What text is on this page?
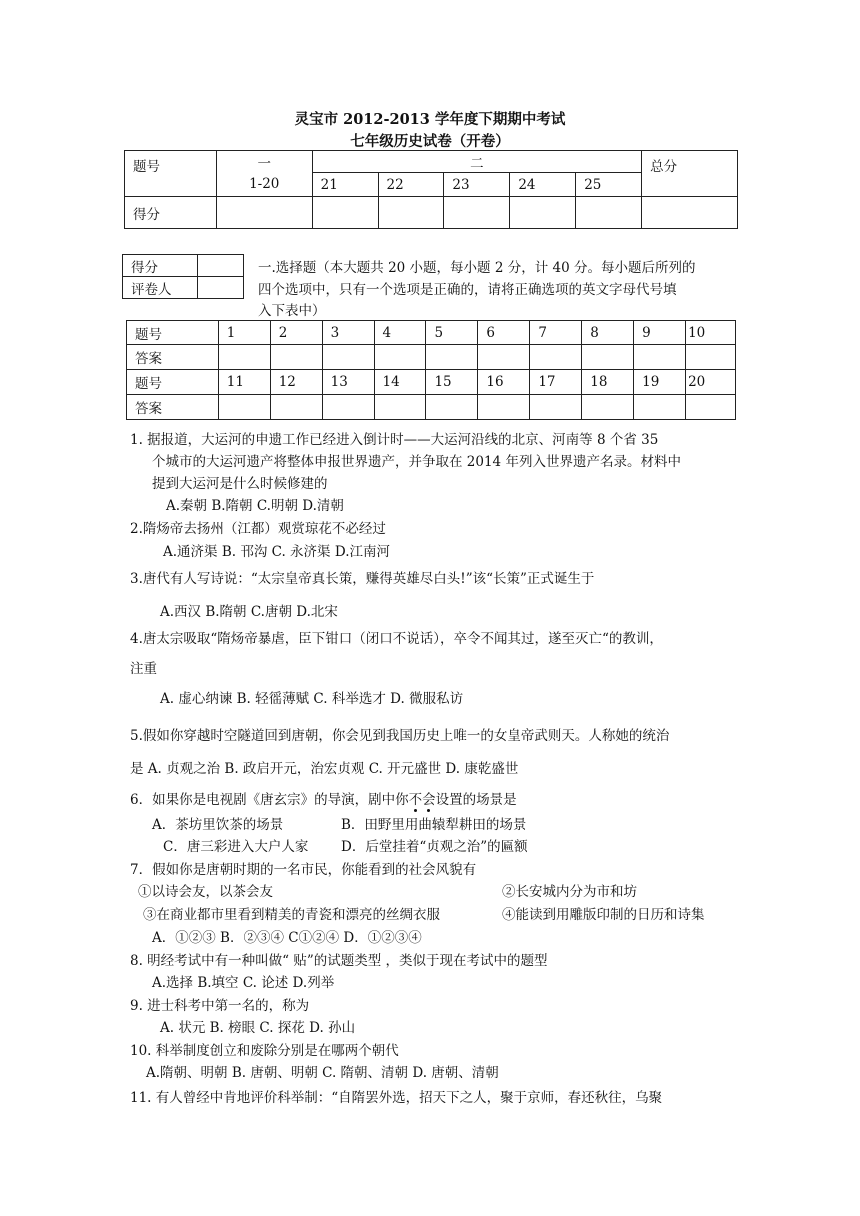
灵宝市 2012-2013 学年度下期期中考试
七年级历史试卷（开卷）
题号	一	二					总分
	1-20	21	22	23	24	25	
得分							
得分	
评卷人	
一.选择题（本大题共 20 小题，每小题 2 分，计 40 分。每小题后所列的
四个选项中，只有一个选项是正确的，请将正确选项的英文字母代号填
入下表中）
题号	1	2	3	4	5	6	7	8	9	10
答案										
题号	11	12	13	14	15	16	17	18	19	20
答案										
1. 据报道，大运河的申遗工作已经进入倒计时——大运河沿线的北京、河南等 8 个省 35
个城市的大运河遗产将整体申报世界遗产，并争取在 2014 年列入世界遗产名录。材料中
提到大运河是什么时候修建的
A.秦朝 B.隋朝 C.明朝 D.清朝
2.隋炀帝去扬州（江都）观赏琼花不必经过
A.通济渠 B. 邗沟 C. 永济渠 D.江南河
3.唐代有人写诗说：“太宗皇帝真长策，赚得英雄尽白头!”该“长策”正式诞生于
A.西汉 B.隋朝 C.唐朝 D.北宋
4.唐太宗吸取“隋炀帝暴虐，臣下钳口（闭口不说话），卒令不闻其过，遂至灭亡“的教训，
注重
A. 虚心纳谏 B. 轻徭薄赋 C. 科举选才 D. 微服私访
5.假如你穿越时空隧道回到唐朝，你会见到我国历史上唯一的女皇帝武则天。人称她的统治
是 A. 贞观之治 B. 政启开元，治宏贞观 C. 开元盛世 D. 康乾盛世
6．如果你是电视剧《唐玄宗》的导演，剧中你不会设置的场景是
A．茶坊里饮茶的场景	B．田野里用曲辕犁耕田的场景
C．唐三彩进入大户人家 D．后堂挂着“贞观之治”的匾额
7．假如你是唐朝时期的一名市民，你能看到的社会风貌有
①以诗会友，以茶会友	②长安城内分为市和坊
③在商业都市里看到精美的青瓷和漂亮的丝绸衣服	④能读到用雕版印制的日历和诗集
A．①②③ B．②③④ C①②④ D．①②③④
8. 明经考试中有一种叫做“ 贴”的试题类型 ，类似于现在考试中的题型
A.选择 B.填空 C. 论述 D.列举
9. 进士科考中第一名的，称为
A. 状元 B. 榜眼 C. 探花 D. 孙山
10. 科举制度创立和废除分别是在哪两个朝代
A.隋朝、明朝 B. 唐朝、明朝 C. 隋朝、清朝 D. 唐朝、清朝
11. 有人曾经中肯地评价科举制：“自隋罢外选，招天下之人，聚于京师，春还秋往，乌聚
